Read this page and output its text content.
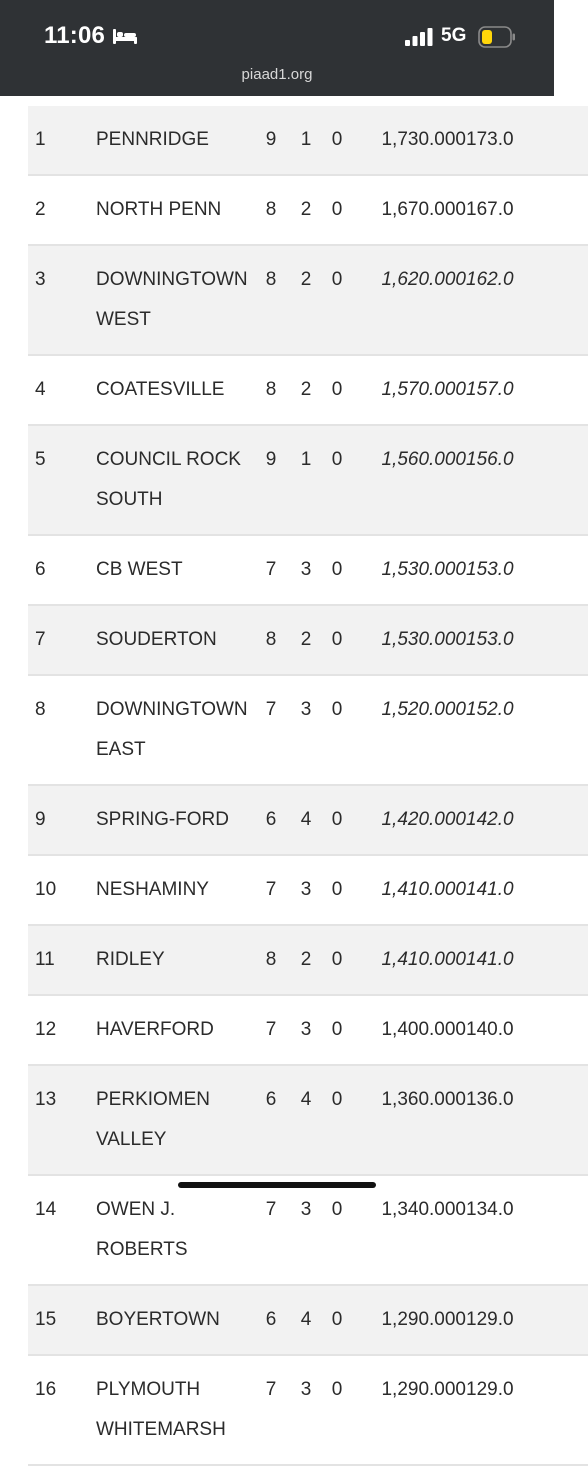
11:06	5G
piaad1.org
1	PENNRIDGE	9	1	0	1,730.000	173.0
2	NORTH PENN	8	2	0	1,670.000	167.0
3	DOWNINGTOWN WEST	8	2	0	1,620.000	162.0
4	COATESVILLE	8	2	0	1,570.000	157.0
5	COUNCIL ROCK SOUTH	9	1	0	1,560.000	156.0
6	CB WEST	7	3	0	1,530.000	153.0
7	SOUDERTON	8	2	0	1,530.000	153.0
8	DOWNINGTOWN EAST	7	3	0	1,520.000	152.0
9	SPRING-FORD	6	4	0	1,420.000	142.0
10	NESHAMINY	7	3	0	1,410.000	141.0
11	RIDLEY	8	2	0	1,410.000	141.0
12	HAVERFORD	7	3	0	1,400.000	140.0
13	PERKIOMEN VALLEY	6	4	0	1,360.000	136.0
14	OWEN J. ROBERTS	7	3	0	1,340.000	134.0
15	BOYERTOWN	6	4	0	1,290.000	129.0
16	PLYMOUTH WHITEMARSH	7	3	0	1,290.000	129.0
